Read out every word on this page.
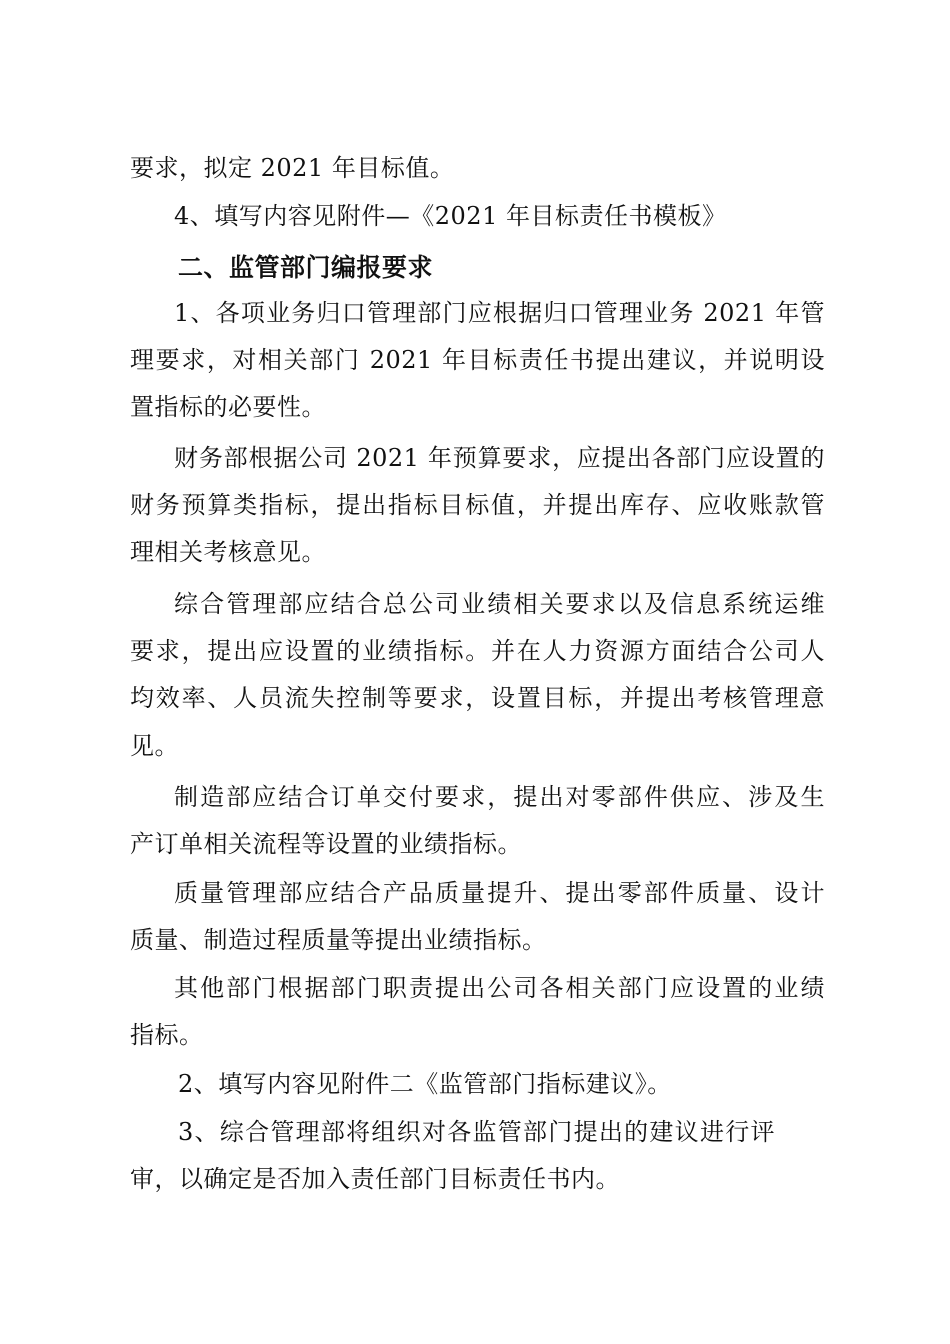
要求，拟定 2021 年目标值。
4、填写内容见附件—《2021 年目标责任书模板》
二、监管部门编报要求
1、各项业务归口管理部门应根据归口管理业务 2021 年管
理要求，对相关部门 2021 年目标责任书提出建议，并说明设
置指标的必要性。
财务部根据公司 2021 年预算要求，应提出各部门应设置的
财务预算类指标，提出指标目标值，并提出库存、应收账款管
理相关考核意见。
综合管理部应结合总公司业绩相关要求以及信息系统运维
要求，提出应设置的业绩指标。并在人力资源方面结合公司人
均效率、人员流失控制等要求，设置目标，并提出考核管理意
见。
制造部应结合订单交付要求，提出对零部件供应、涉及生
产订单相关流程等设置的业绩指标。
质量管理部应结合产品质量提升、提出零部件质量、设计
质量、制造过程质量等提出业绩指标。
其他部门根据部门职责提出公司各相关部门应设置的业绩
指标。
2、填写内容见附件二《监管部门指标建议》。
3、综合管理部将组织对各监管部门提出的建议进行评
审，以确定是否加入责任部门目标责任书内。
